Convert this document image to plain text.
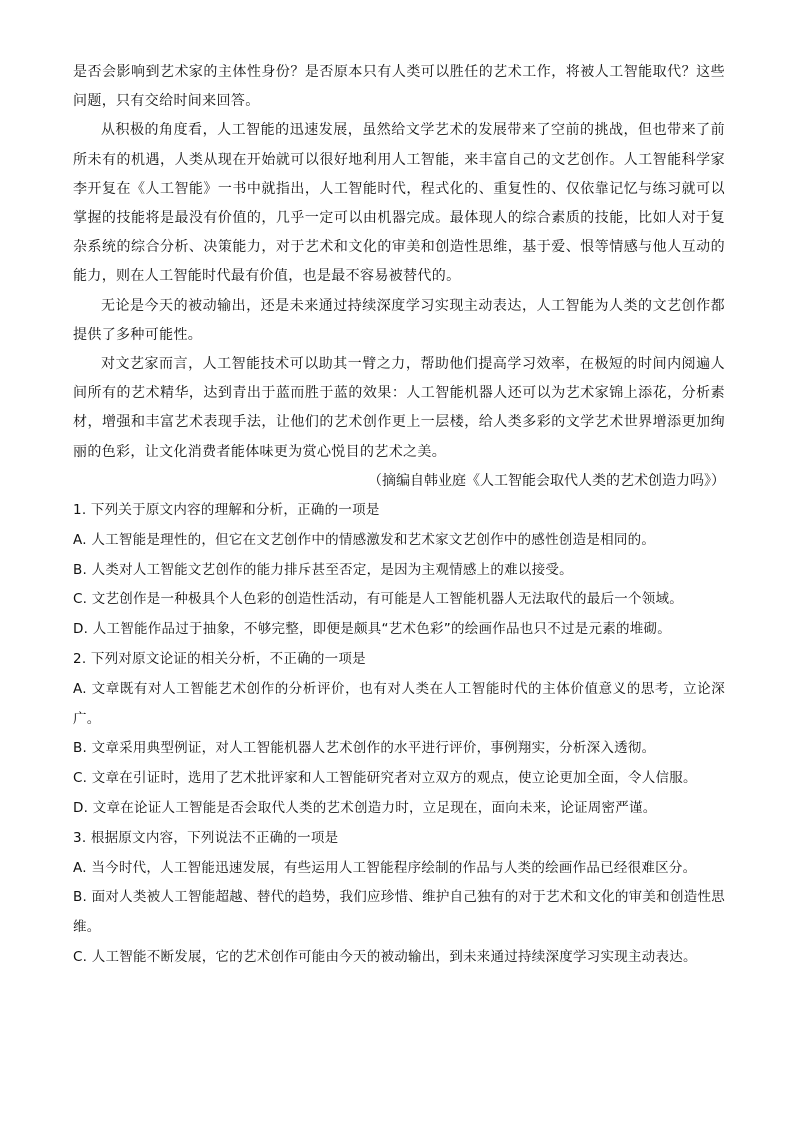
是否会影响到艺术家的主体性身份？是否原本只有人类可以胜任的艺术工作，将被人工智能取代？这些问题，只有交给时间来回答。

从积极的角度看，人工智能的迅速发展，虽然给文学艺术的发展带来了空前的挑战，但也带来了前所未有的机遇，人类从现在开始就可以很好地利用人工智能，来丰富自己的文艺创作。人工智能科学家李开复在《人工智能》一书中就指出，人工智能时代，程式化的、重复性的、仅依靠记忆与练习就可以掌握的技能将是最没有价值的，几乎一定可以由机器完成。最体现人的综合素质的技能，比如人对于复杂系统的综合分析、决策能力，对于艺术和文化的审美和创造性思维，基于爱、恨等情感与他人互动的能力，则在人工智能时代最有价值，也是最不容易被替代的。

无论是今天的被动输出，还是未来通过持续深度学习实现主动表达，人工智能为人类的文艺创作都提供了多种可能性。

对文艺家而言，人工智能技术可以助其一臂之力，帮助他们提高学习效率，在极短的时间内阅遍人间所有的艺术精华，达到青出于蓝而胜于蓝的效果：人工智能机器人还可以为艺术家锦上添花，分析素材，增强和丰富艺术表现手法，让他们的艺术创作更上一层楼，给人类多彩的文学艺术世界增添更加绚丽的色彩，让文化消费者能体味更为赏心悦目的艺术之美。

（摘编自韩业庭《人工智能会取代人类的艺术创造力吗》）

1. 下列关于原文内容的理解和分析，正确的一项是

A. 人工智能是理性的，但它在文艺创作中的情感激发和艺术家文艺创作中的感性创造是相同的。

B. 人类对人工智能文艺创作的能力排斥甚至否定，是因为主观情感上的难以接受。

C. 文艺创作是一种极具个人色彩的创造性活动，有可能是人工智能机器人无法取代的最后一个领域。

D. 人工智能作品过于抽象，不够完整，即便是颇具“艺术色彩”的绘画作品也只不过是元素的堆砌。

2. 下列对原文论证的相关分析，不正确的一项是

A. 文章既有对人工智能艺术创作的分析评价，也有对人类在人工智能时代的主体价值意义的思考，立论深广。

B. 文章采用典型例证，对人工智能机器人艺术创作的水平进行评价，事例翔实，分析深入透彻。

C. 文章在引证时，选用了艺术批评家和人工智能研究者对立双方的观点，使立论更加全面，令人信服。

D. 文章在论证人工智能是否会取代人类的艺术创造力时，立足现在，面向未来，论证周密严谨。

3. 根据原文内容，下列说法不正确的一项是

A. 当今时代，人工智能迅速发展，有些运用人工智能程序绘制的作品与人类的绘画作品已经很难区分。

B. 面对人类被人工智能超越、替代的趋势，我们应珍惜、维护自己独有的对于艺术和文化的审美和创造性思维。

C. 人工智能不断发展，它的艺术创作可能由今天的被动输出，到未来通过持续深度学习实现主动表达。
